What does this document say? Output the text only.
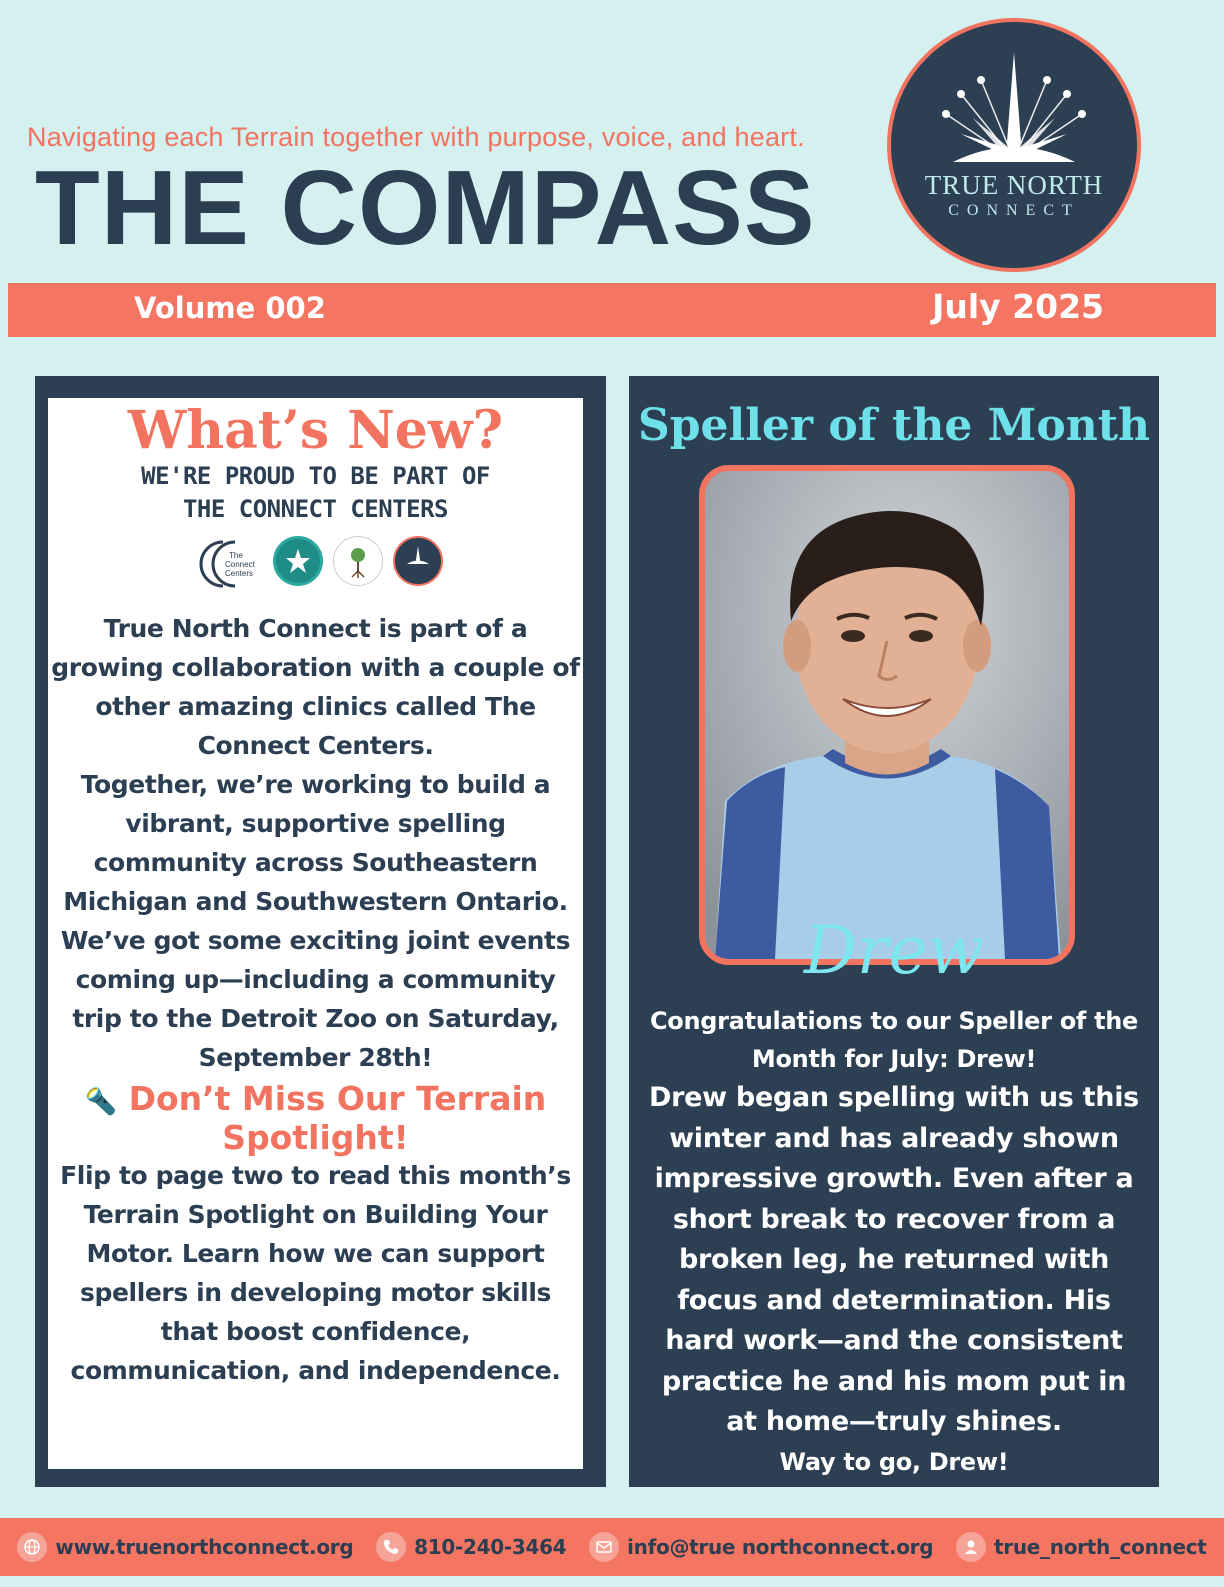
Navigating each Terrain together with purpose, voice, and heart.
THE COMPASS	TRUE NORTH
CONNECT
Volume 002	July 2025
What’s New?
WE'RE PROUD TO BE PART OF
THE CONNECT CENTERS
The
Connect
Centers
True North Connect is part of a growing collaboration with a couple of other amazing clinics called The Connect Centers.
Together, we’re working to build a vibrant, supportive spelling community across Southeastern Michigan and Southwestern Ontario.
We’ve got some exciting joint events coming up—including a community trip to the Detroit Zoo on Saturday, September 28th!
🔦 Don’t Miss Our Terrain Spotlight!
Flip to page two to read this month’s Terrain Spotlight on Building Your Motor. Learn how we can support spellers in developing motor skills that boost confidence, communication, and independence.
Speller of the Month
Drew
Congratulations to our Speller of the Month for July: Drew!
Drew began spelling with us this winter and has already shown impressive growth. Even after a short break to recover from a broken leg, he returned with focus and determination. His hard work—and the consistent practice he and his mom put in at home—truly shines.
Way to go, Drew!
www.truenorthconnect.org	810-240-3464	info@true northconnect.org	true_north_connect
